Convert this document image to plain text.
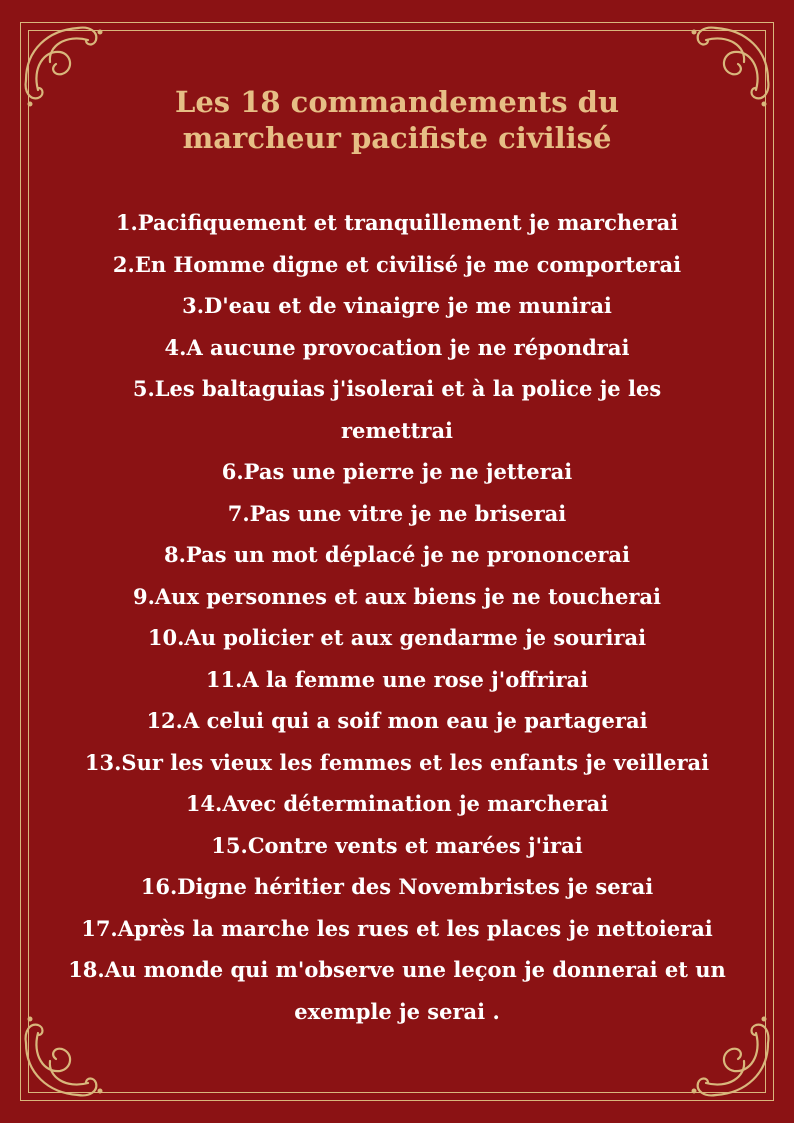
Les 18 commandements du
marcheur pacifiste civilisé
1.Pacifiquement et tranquillement je marcherai
2.En Homme digne et civilisé je me comporterai
3.D'eau et de vinaigre je me munirai
4.A aucune provocation je ne répondrai
5.Les baltaguias j'isolerai et à la police je les
remettrai
6.Pas une pierre je ne jetterai
7.Pas une vitre je ne briserai
8.Pas un mot déplacé je ne prononcerai
9.Aux personnes et aux biens je ne toucherai
10.Au policier et aux gendarme je sourirai
11.A la femme une rose j'offrirai
12.A celui qui a soif mon eau je partagerai
13.Sur les vieux les femmes et les enfants je veillerai
14.Avec détermination je marcherai
15.Contre vents et marées j'irai
16.Digne héritier des Novembristes je serai
17.Après la marche les rues et les places je nettoierai
18.Au monde qui m'observe une leçon je donnerai et un
exemple je serai .
